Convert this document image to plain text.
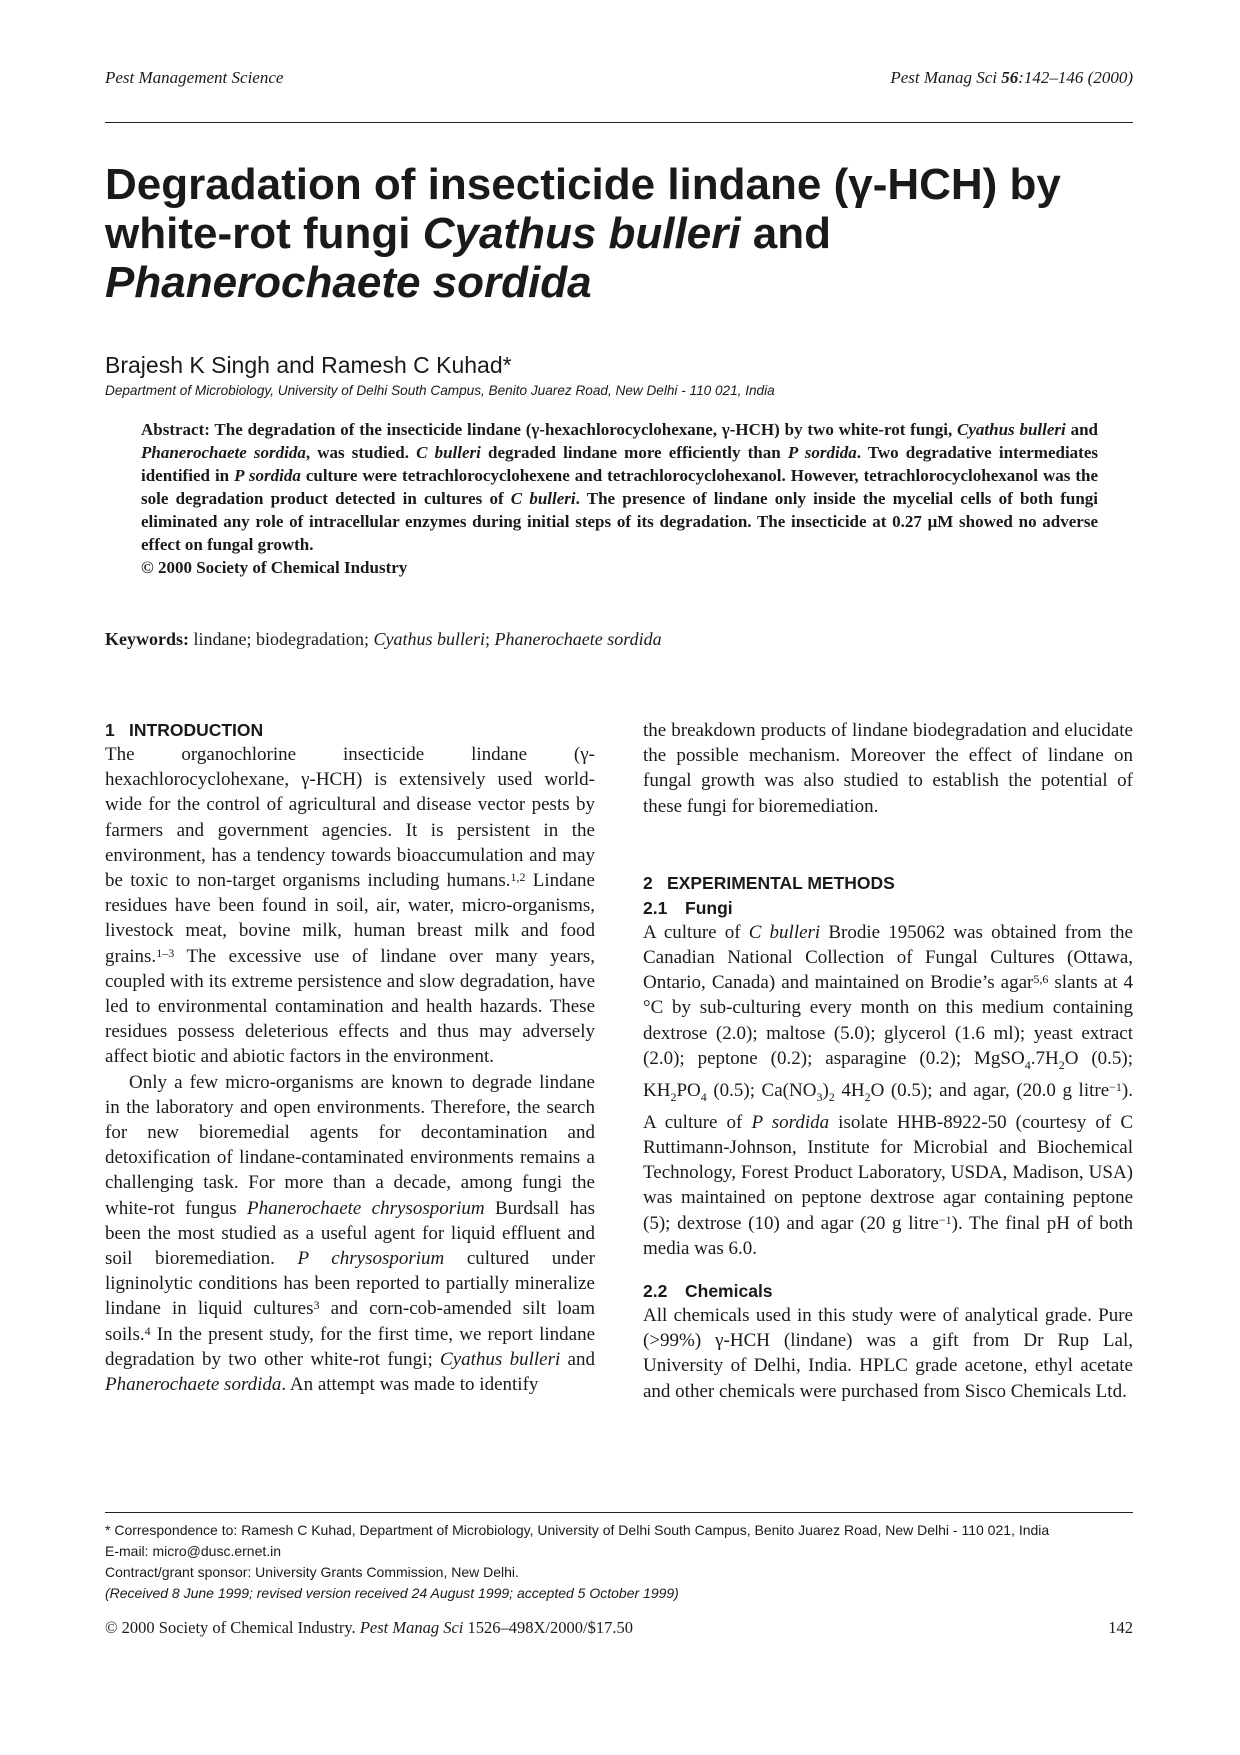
Pest Management Science	Pest Manag Sci 56:142–146 (2000)
Degradation of insecticide lindane (γ-HCH) by
white-rot fungi Cyathus bulleri and
Phanerochaete sordida
Brajesh K Singh and Ramesh C Kuhad*
Department of Microbiology, University of Delhi South Campus, Benito Juarez Road, New Delhi - 110 021, India

Abstract: The degradation of the insecticide lindane (γ-hexachlorocyclohexane, γ-HCH) by two white-rot fungi, Cyathus bulleri and Phanerochaete sordida, was studied. C bulleri degraded lindane more efficiently than P sordida. Two degradative intermediates identified in P sordida culture were tetrachlorocyclohexene and tetrachlorocyclohexanol. However, tetrachlorocyclohexanol was the sole degradation product detected in cultures of C bulleri. The presence of lindane only inside the mycelial cells of both fungi eliminated any role of intracellular enzymes during initial steps of its degradation. The insecticide at 0.27 μM showed no adverse effect on fungal growth.
© 2000 Society of Chemical Industry

Keywords: lindane; biodegradation; Cyathus bulleri; Phanerochaete sordida
1 INTRODUCTION

The organochlorine insecticide lindane (γ-hexachlorocyclohexane, γ-HCH) is extensively used world-wide for the control of agricultural and disease vector pests by farmers and government agencies. It is persistent in the environment, has a tendency towards bioaccumulation and may be toxic to non-target organisms including humans.$^{1,2}$ Lindane residues have been found in soil, air, water, micro-organisms, livestock meat, bovine milk, human breast milk and food grains.$^{1-3}$ The excessive use of lindane over many years, coupled with its extreme persistence and slow degradation, have led to environmental contamination and health hazards. These residues possess deleterious effects and thus may adversely affect biotic and abiotic factors in the environment.

Only a few micro-organisms are known to degrade lindane in the laboratory and open environments. Therefore, the search for new bioremedial agents for decontamination and detoxification of lindane-contaminated environments remains a challenging task. For more than a decade, among fungi the white-rot fungus Phanerochaete chrysosporium Burdsall has been the most studied as a useful agent for liquid effluent and soil bioremediation. P chrysosporium cultured under ligninolytic conditions has been reported to partially mineralize lindane in liquid cultures$^3$ and corn-cob-amended silt loam soils.$^4$ In the present study, for the first time, we report lindane degradation by two other white-rot fungi; Cyathus bulleri and Phanerochaete sordida. An attempt was made to identify

the breakdown products of lindane biodegradation and elucidate the possible mechanism. Moreover the effect of lindane on fungal growth was also studied to establish the potential of these fungi for bioremediation.

2 EXPERIMENTAL METHODS
2.1 Fungi

A culture of C bulleri Brodie 195062 was obtained from the Canadian National Collection of Fungal Cultures (Ottawa, Ontario, Canada) and maintained on Brodie’s agar$^{5,6}$ slants at 4 °C by sub-culturing every month on this medium containing dextrose (2.0); maltose (5.0); glycerol (1.6 ml); yeast extract (2.0); peptone (0.2); asparagine (0.2); $MgSO_4.7H_2O$ (0.5); $KH_2PO_4$ (0.5); $Ca(NO_3)_2$ $4H_2O$ (0.5); and agar, (20.0 g litre$^{-1}$). A culture of P sordida isolate HHB-8922-50 (courtesy of C Ruttimann-Johnson, Institute for Microbial and Biochemical Technology, Forest Product Laboratory, USDA, Madison, USA) was maintained on peptone dextrose agar containing peptone (5); dextrose (10) and agar (20 g litre$^{-1}$). The final pH of both media was 6.0.

2.2 Chemicals

All chemicals used in this study were of analytical grade. Pure (>99%) γ-HCH (lindane) was a gift from Dr Rup Lal, University of Delhi, India. HPLC grade acetone, ethyl acetate and other chemicals were purchased from Sisco Chemicals Ltd.

* Correspondence to: Ramesh C Kuhad, Department of Microbiology, University of Delhi South Campus, Benito Juarez Road, New Delhi - 110 021, India

E-mail: micro@dusc.ernet.in

Contract/grant sponsor: University Grants Commission, New Delhi.

(Received 8 June 1999; revised version received 24 August 1999; accepted 5 October 1999)

© 2000 Society of Chemical Industry. Pest Manag Sci 1526–498X/2000/$17.50	142
